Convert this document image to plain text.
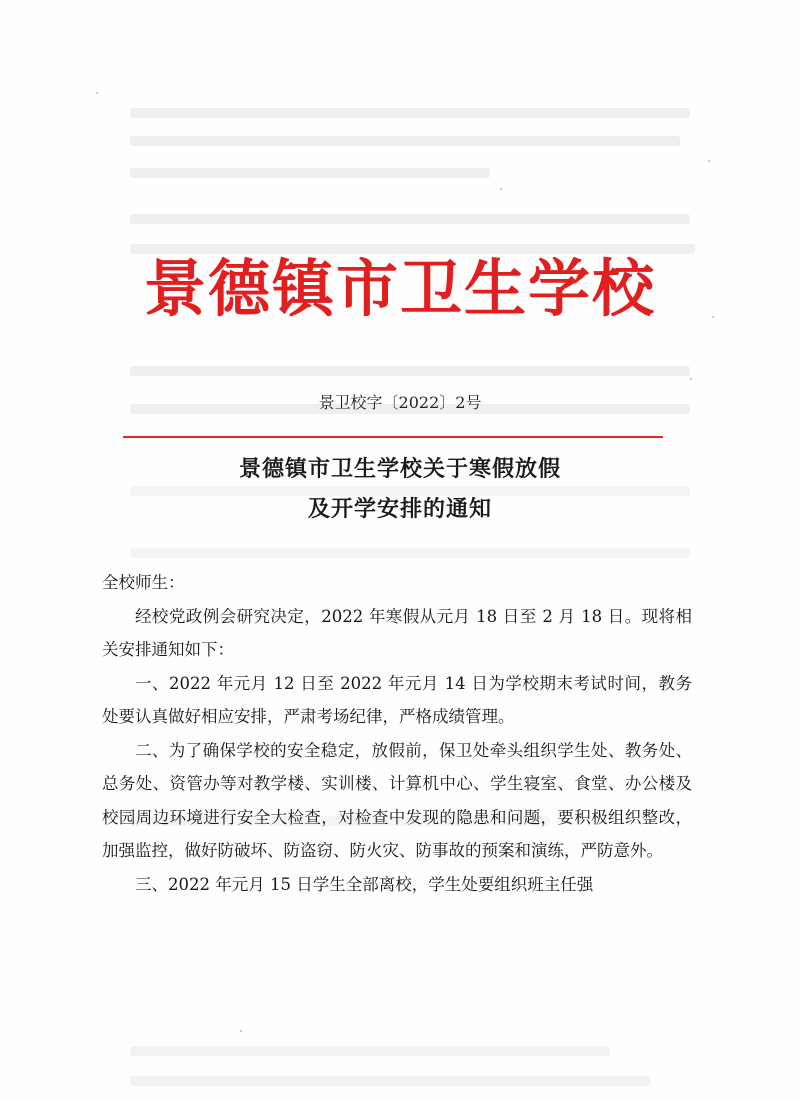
景德镇市卫生学校
景卫校字〔2022〕2号
景德镇市卫生学校关于寒假放假
及开学安排的通知

全校师生：

经校党政例会研究决定，2022 年寒假从元月 18 日至 2 月 18 日。现将相关安排通知如下：

一、2022 年元月 12 日至 2022 年元月 14 日为学校期末考试时间，教务处要认真做好相应安排，严肃考场纪律，严格成绩管理。

二、为了确保学校的安全稳定，放假前，保卫处牵头组织学生处、教务处、总务处、资管办等对教学楼、实训楼、计算机中心、学生寝室、食堂、办公楼及校园周边环境进行安全大检查，对检查中发现的隐患和问题，要积极组织整改，加强监控，做好防破坏、防盗窃、防火灾、防事故的预案和演练，严防意外。

三、2022 年元月 15 日学生全部离校，学生处要组织班主任强
